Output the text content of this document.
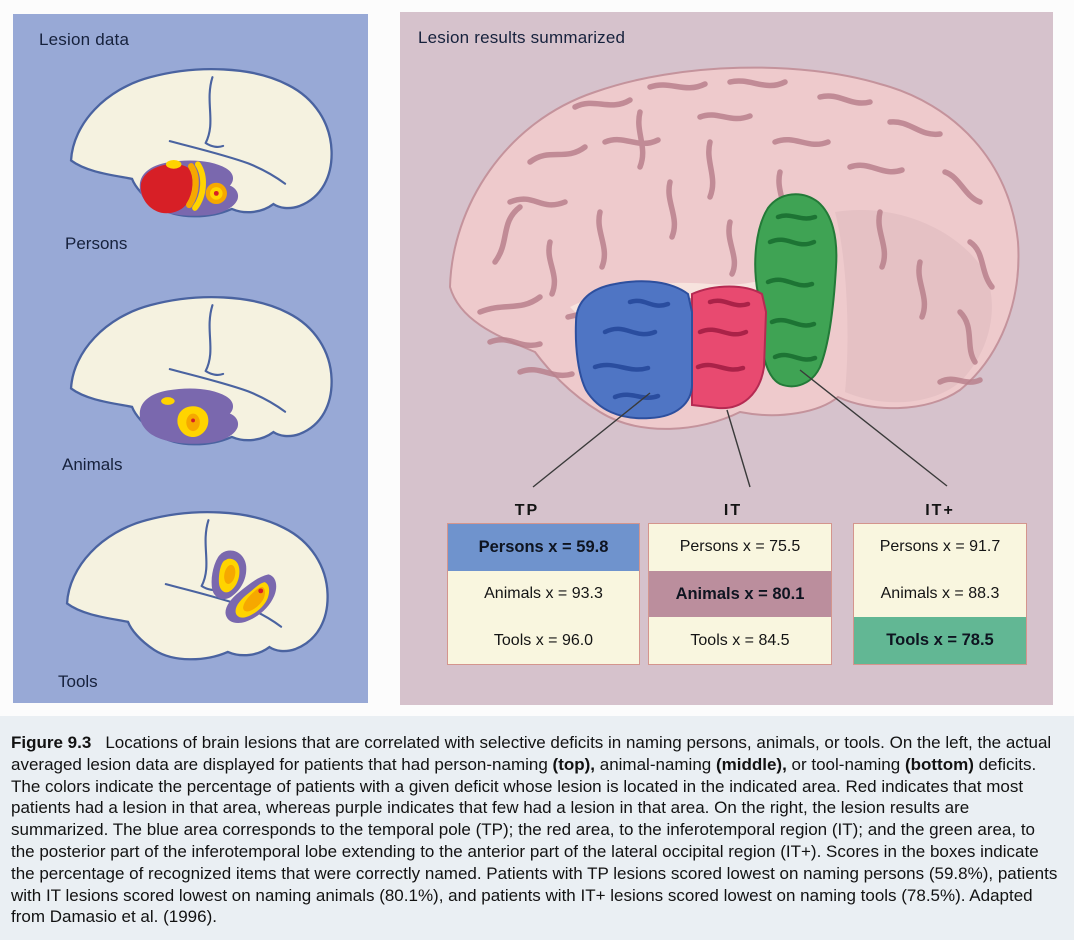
Lesion data
Persons
Animals
Tools
Lesion results summarized
TP	IT	IT+
Persons x = 59.8
Animals x = 93.3
Tools x = 96.0
Persons x = 75.5
Animals x = 80.1
Tools x = 84.5
Persons x = 91.7
Animals x = 88.3
Tools x = 78.5

Figure 9.3 Locations of brain lesions that are correlated with selective deficits in naming persons, animals, or tools. On the left, the actual averaged lesion data are displayed for patients that had person-naming (top), animal-naming (middle), or tool-naming (bottom) deficits. The colors indicate the percentage of patients with a given deficit whose lesion is located in the indicated area. Red indicates that most patients had a lesion in that area, whereas purple indicates that few had a lesion in that area. On the right, the lesion results are summarized. The blue area corresponds to the temporal pole (TP); the red area, to the inferotemporal region (IT); and the green area, to the posterior part of the inferotemporal lobe extending to the anterior part of the lateral occipital region (IT+). Scores in the boxes indicate the percentage of recognized items that were correctly named. Patients with TP lesions scored lowest on naming persons (59.8%), patients with IT lesions scored lowest on naming animals (80.1%), and patients with IT+ lesions scored lowest on naming tools (78.5%). Adapted from Damasio et al. (1996).
